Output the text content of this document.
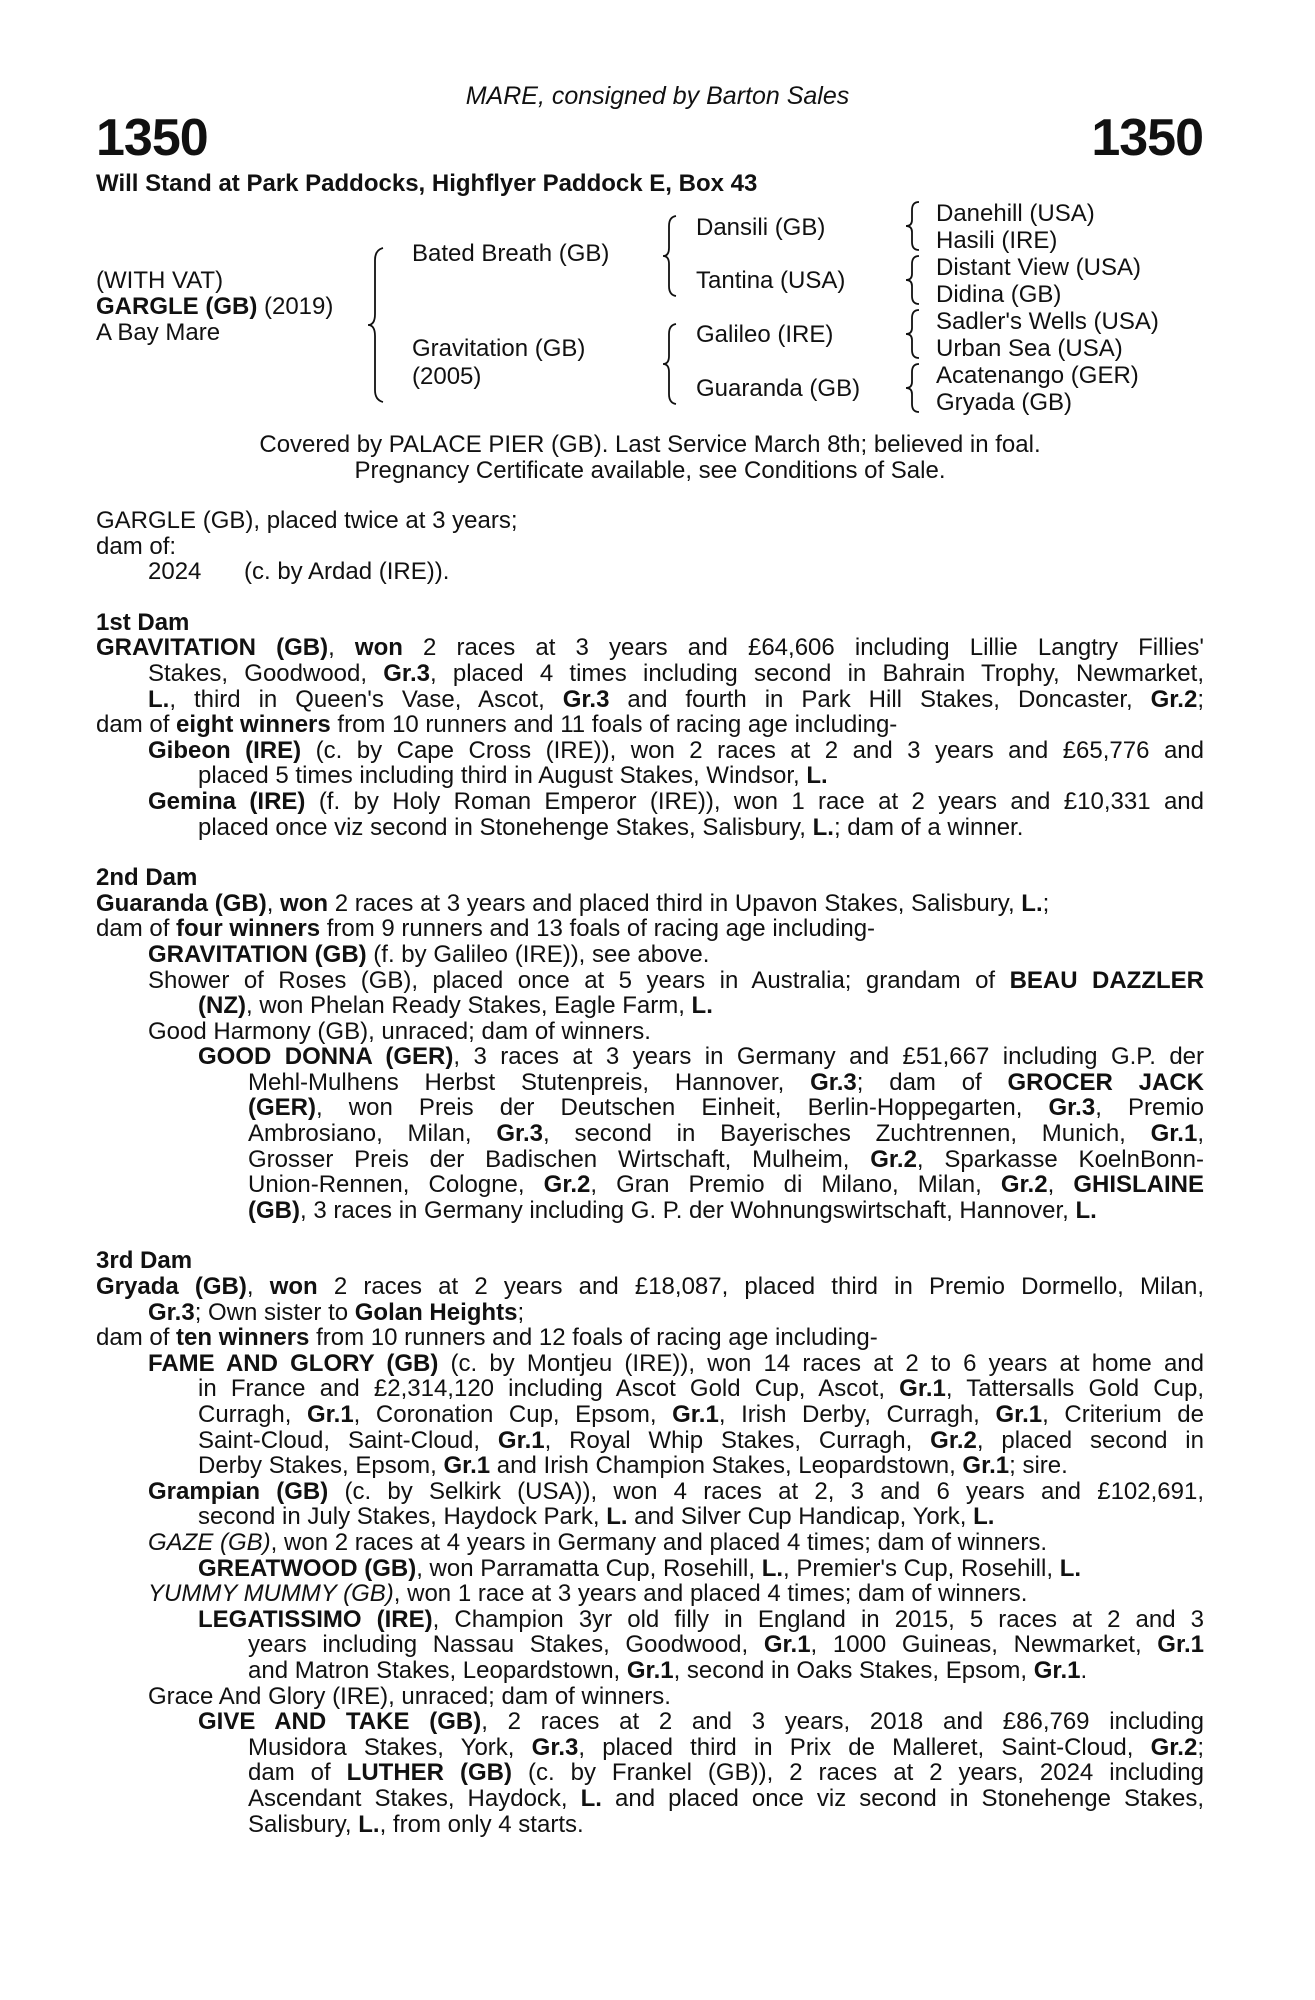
MARE, consigned by Barton Sales
1350	1350
Will Stand at Park Paddocks, Highflyer Paddock E, Box 43
(WITH VAT)
GARGLE (GB) (2019)
A Bay Mare
Bated Breath (GB)
Gravitation (GB)
(2005)
Dansili (GB)
Tantina (USA)
Galileo (IRE)
Guaranda (GB)
Danehill (USA)
Hasili (IRE)
Distant View (USA)
Didina (GB)
Sadler's Wells (USA)
Urban Sea (USA)
Acatenango (GER)
Gryada (GB)
Covered by PALACE PIER (GB). Last Service March 8th; believed in foal.
Pregnancy Certificate available, see Conditions of Sale.
GARGLE (GB), placed twice at 3 years;
dam of:
2024 (c. by Ardad (IRE)).
1st Dam
GRAVITATION (GB), won 2 races at 3 years and £64,606 including Lillie Langtry Fillies'
Stakes, Goodwood, Gr.3, placed 4 times including second in Bahrain Trophy, Newmarket,
L., third in Queen's Vase, Ascot, Gr.3 and fourth in Park Hill Stakes, Doncaster, Gr.2;
dam of eight winners from 10 runners and 11 foals of racing age including-
Gibeon (IRE) (c. by Cape Cross (IRE)), won 2 races at 2 and 3 years and £65,776 and
placed 5 times including third in August Stakes, Windsor, L.
Gemina (IRE) (f. by Holy Roman Emperor (IRE)), won 1 race at 2 years and £10,331 and
placed once viz second in Stonehenge Stakes, Salisbury, L.; dam of a winner.
2nd Dam
Guaranda (GB), won 2 races at 3 years and placed third in Upavon Stakes, Salisbury, L.;
dam of four winners from 9 runners and 13 foals of racing age including-
GRAVITATION (GB) (f. by Galileo (IRE)), see above.
Shower of Roses (GB), placed once at 5 years in Australia; grandam of BEAU DAZZLER
(NZ), won Phelan Ready Stakes, Eagle Farm, L.
Good Harmony (GB), unraced; dam of winners.
GOOD DONNA (GER), 3 races at 3 years in Germany and £51,667 including G.P. der
Mehl-Mulhens Herbst Stutenpreis, Hannover, Gr.3; dam of GROCER JACK
(GER), won Preis der Deutschen Einheit, Berlin-Hoppegarten, Gr.3, Premio
Ambrosiano, Milan, Gr.3, second in Bayerisches Zuchtrennen, Munich, Gr.1,
Grosser Preis der Badischen Wirtschaft, Mulheim, Gr.2, Sparkasse KoelnBonn-
Union-Rennen, Cologne, Gr.2, Gran Premio di Milano, Milan, Gr.2, GHISLAINE
(GB), 3 races in Germany including G. P. der Wohnungswirtschaft, Hannover, L.
3rd Dam
Gryada (GB), won 2 races at 2 years and £18,087, placed third in Premio Dormello, Milan,
Gr.3; Own sister to Golan Heights;
dam of ten winners from 10 runners and 12 foals of racing age including-
FAME AND GLORY (GB) (c. by Montjeu (IRE)), won 14 races at 2 to 6 years at home and
in France and £2,314,120 including Ascot Gold Cup, Ascot, Gr.1, Tattersalls Gold Cup,
Curragh, Gr.1, Coronation Cup, Epsom, Gr.1, Irish Derby, Curragh, Gr.1, Criterium de
Saint-Cloud, Saint-Cloud, Gr.1, Royal Whip Stakes, Curragh, Gr.2, placed second in
Derby Stakes, Epsom, Gr.1 and Irish Champion Stakes, Leopardstown, Gr.1; sire.
Grampian (GB) (c. by Selkirk (USA)), won 4 races at 2, 3 and 6 years and £102,691,
second in July Stakes, Haydock Park, L. and Silver Cup Handicap, York, L.
GAZE (GB), won 2 races at 4 years in Germany and placed 4 times; dam of winners.
GREATWOOD (GB), won Parramatta Cup, Rosehill, L., Premier's Cup, Rosehill, L.
YUMMY MUMMY (GB), won 1 race at 3 years and placed 4 times; dam of winners.
LEGATISSIMO (IRE), Champion 3yr old filly in England in 2015, 5 races at 2 and 3
years including Nassau Stakes, Goodwood, Gr.1, 1000 Guineas, Newmarket, Gr.1
and Matron Stakes, Leopardstown, Gr.1, second in Oaks Stakes, Epsom, Gr.1.
Grace And Glory (IRE), unraced; dam of winners.
GIVE AND TAKE (GB), 2 races at 2 and 3 years, 2018 and £86,769 including
Musidora Stakes, York, Gr.3, placed third in Prix de Malleret, Saint-Cloud, Gr.2;
dam of LUTHER (GB) (c. by Frankel (GB)), 2 races at 2 years, 2024 including
Ascendant Stakes, Haydock, L. and placed once viz second in Stonehenge Stakes,
Salisbury, L., from only 4 starts.
